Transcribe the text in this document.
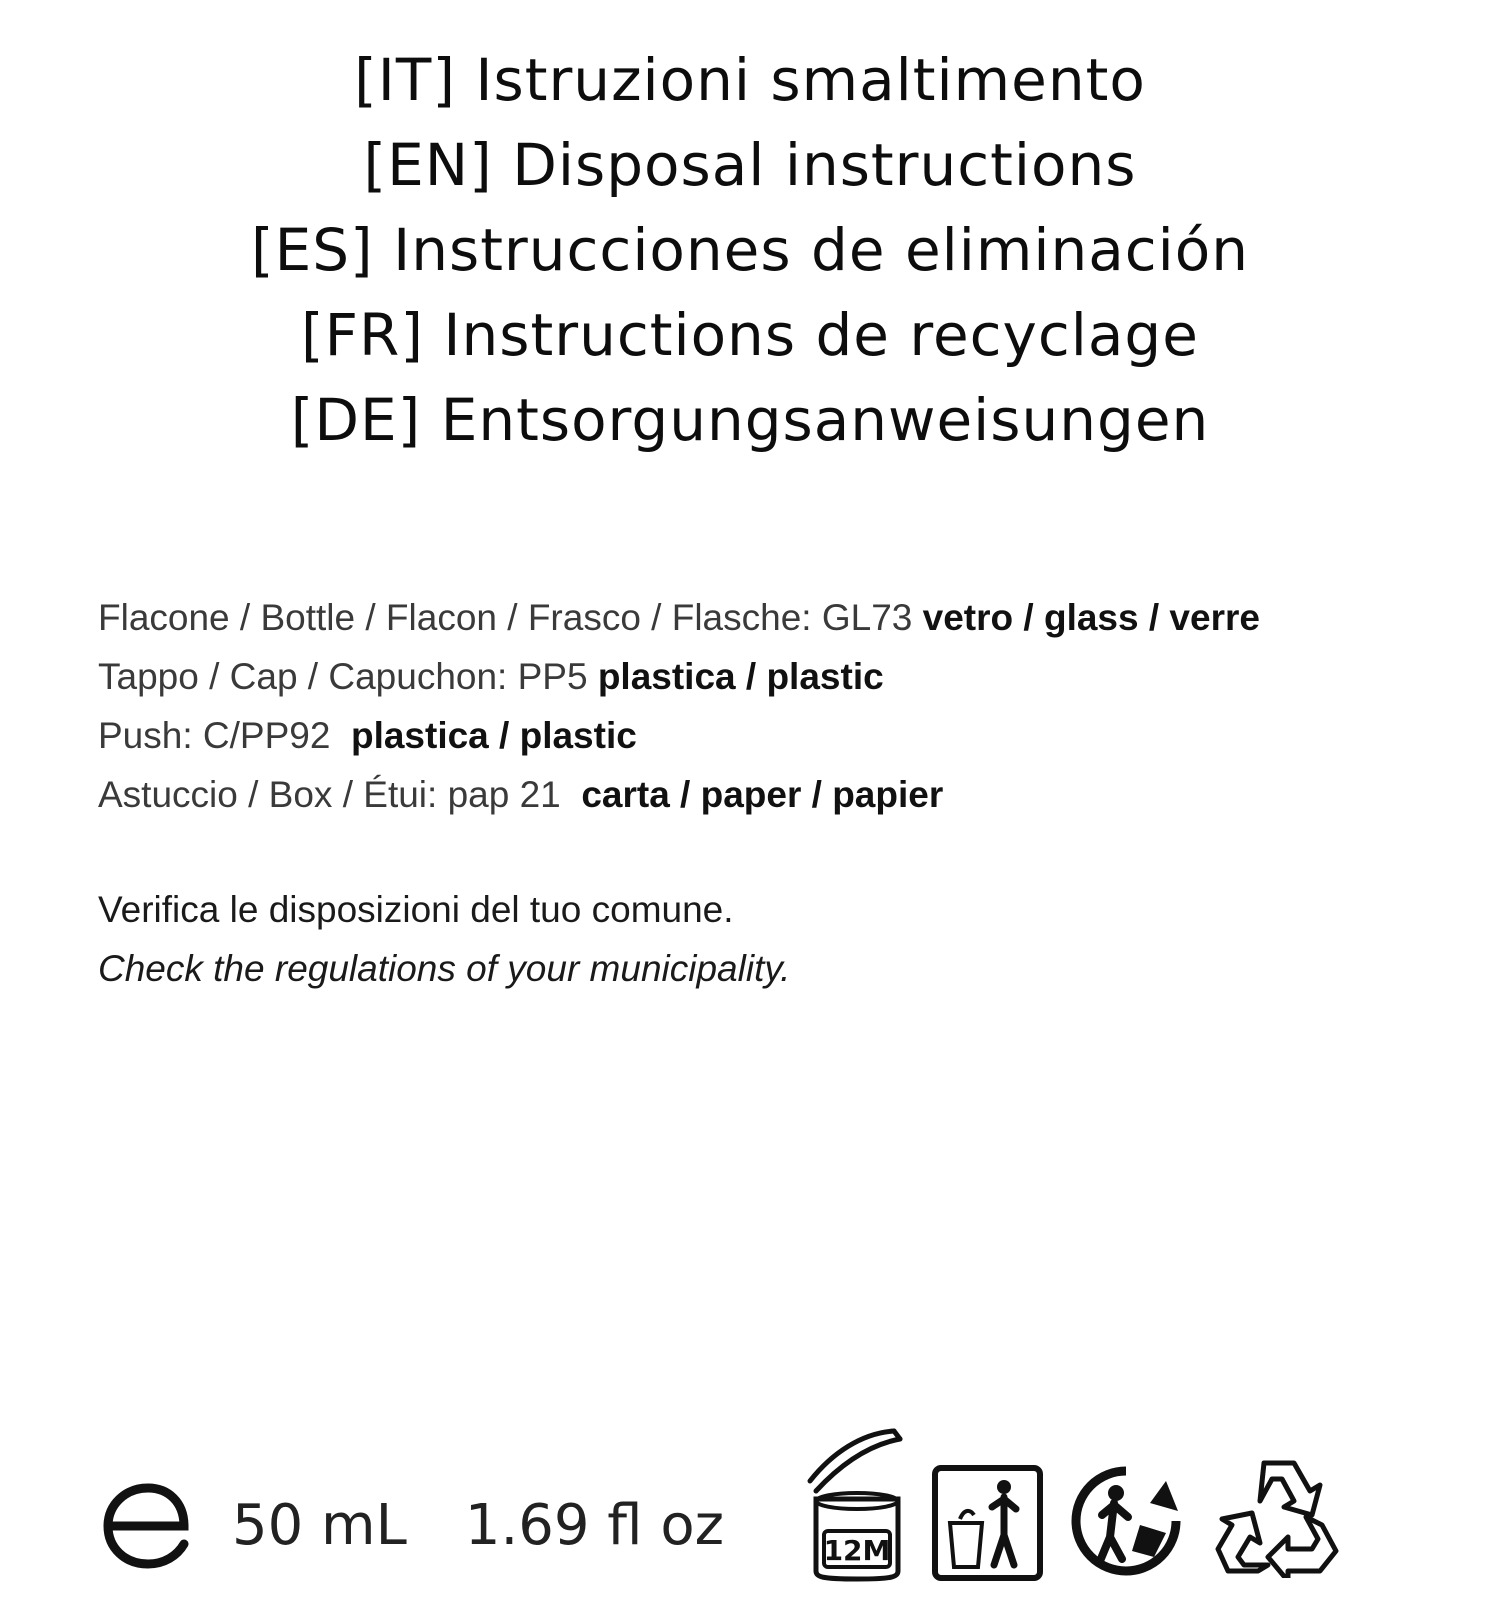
[IT] Istruzioni smaltimento
[EN] Disposal instructions
[ES] Instrucciones de eliminación
[FR] Instructions de recyclage
[DE] Entsorgungsanweisungen
Flacone / Bottle / Flacon / Frasco / Flasche: GL73 vetro / glass / verre
Tappo / Cap / Capuchon: PP5 plastica / plastic
Push: C/PP92  plastica / plastic
Astuccio / Box / Étui: pap 21  carta / paper / papier
Verifica le disposizioni del tuo comune.
Check the regulations of your municipality.
50 mL 1.69 fl oz	12M
